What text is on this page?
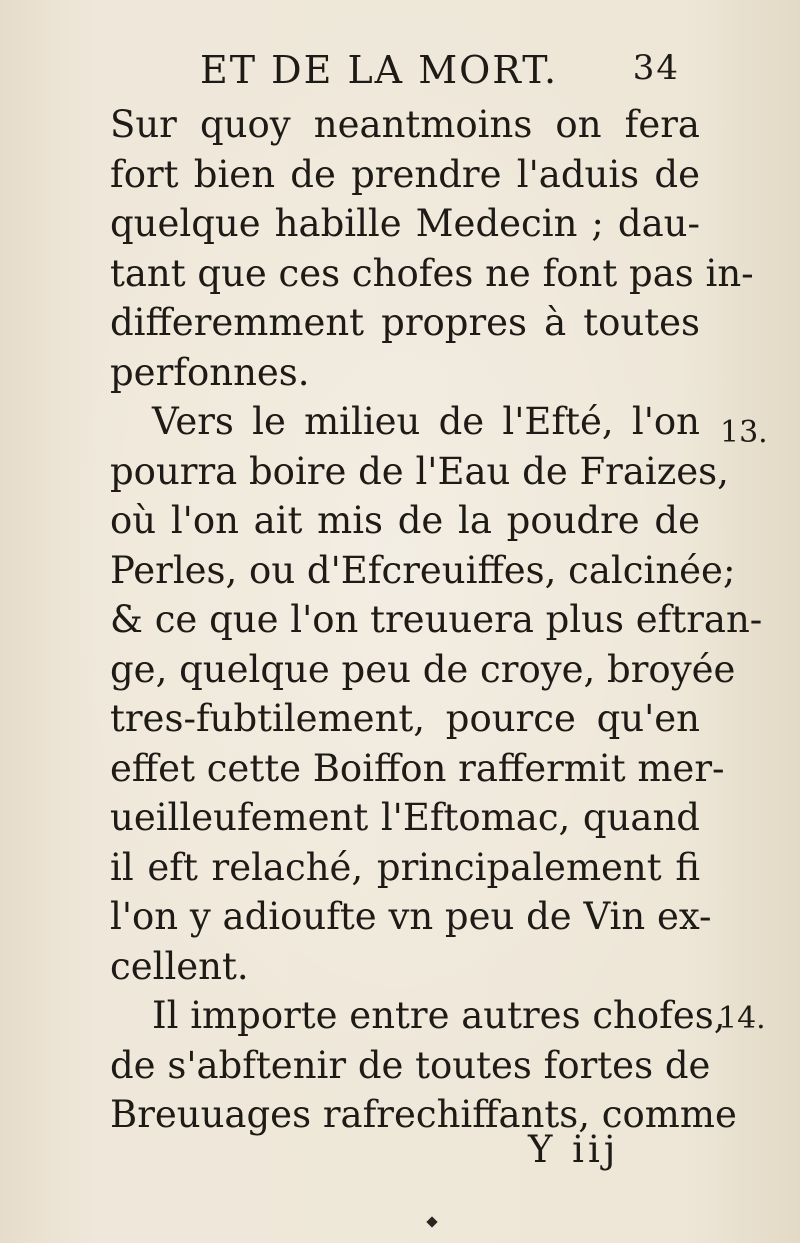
ET DE LA MORT. 34
Sur quoy neantmoins on fera
fort bien de prendre l'aduis de
quelque habille Medecin ; dau-
tant que ces chofes ne font pas in-
differemment propres à toutes
perfonnes.
Vers le milieu de l'Efté, l'on
pourra boire de l'Eau de Fraizes,
où l'on ait mis de la poudre de
Perles, ou d'Efcreuiffes, calcinée;
& ce que l'on treuuera plus eftran-
ge, quelque peu de croye, broyée
tres-fubtilement, pource qu'en
effet cette Boiffon raffermit mer-
ueilleufement l'Eftomac, quand
il eft relaché, principalement fi
l'on y adioufte vn peu de Vin ex-
cellent.
Il importe entre autres chofes,
de s'abftenir de toutes fortes de
Breuuages rafrechiffants, comme
13.
14.
Y iij
